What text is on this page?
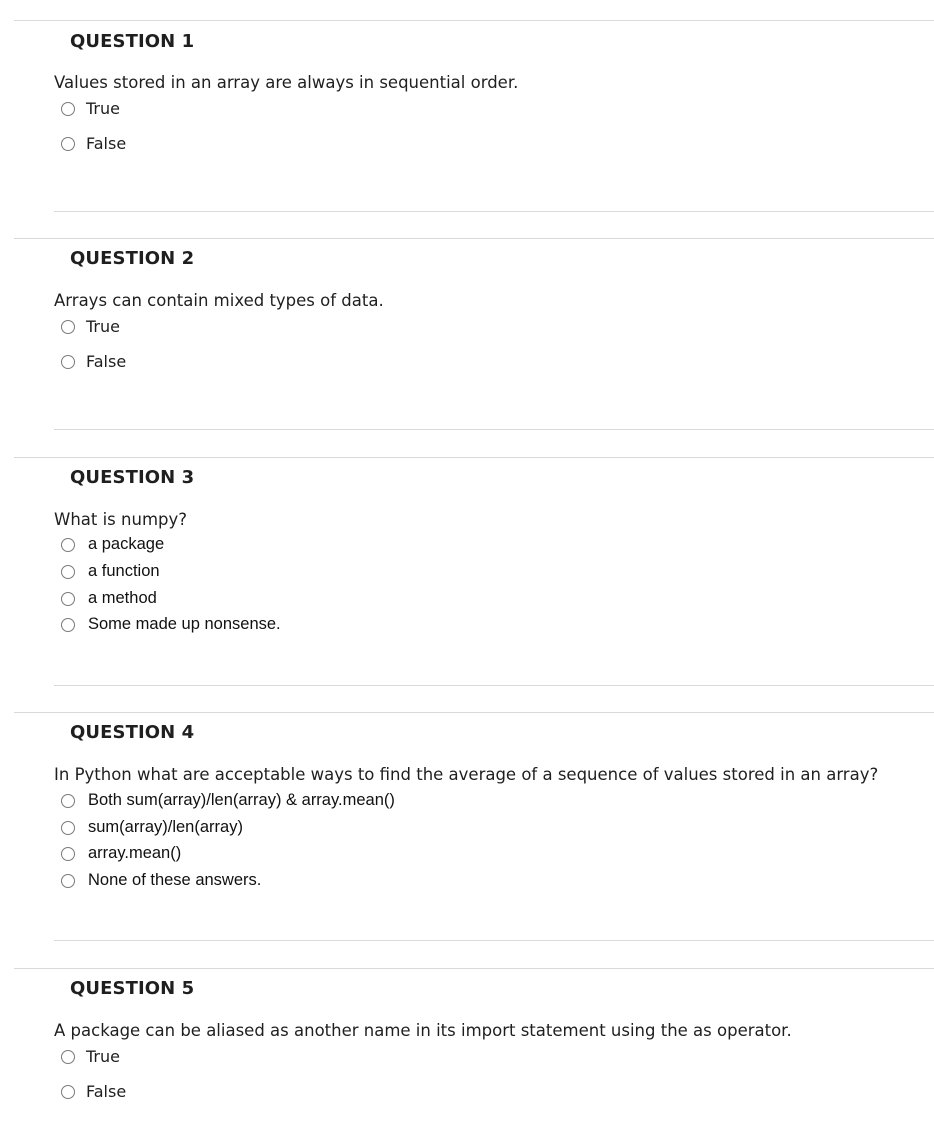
QUESTION 1
Values stored in an array are always in sequential order.
True
False
QUESTION 2
Arrays can contain mixed types of data.
True
False
QUESTION 3
What is numpy?
a package
a function
a method
Some made up nonsense.
QUESTION 4
In Python what are acceptable ways to find the average of a sequence of values stored in an array?
Both sum(array)/len(array) & array.mean()
sum(array)/len(array)
array.mean()
None of these answers.
QUESTION 5
A package can be aliased as another name in its import statement using the as operator.
True
False
